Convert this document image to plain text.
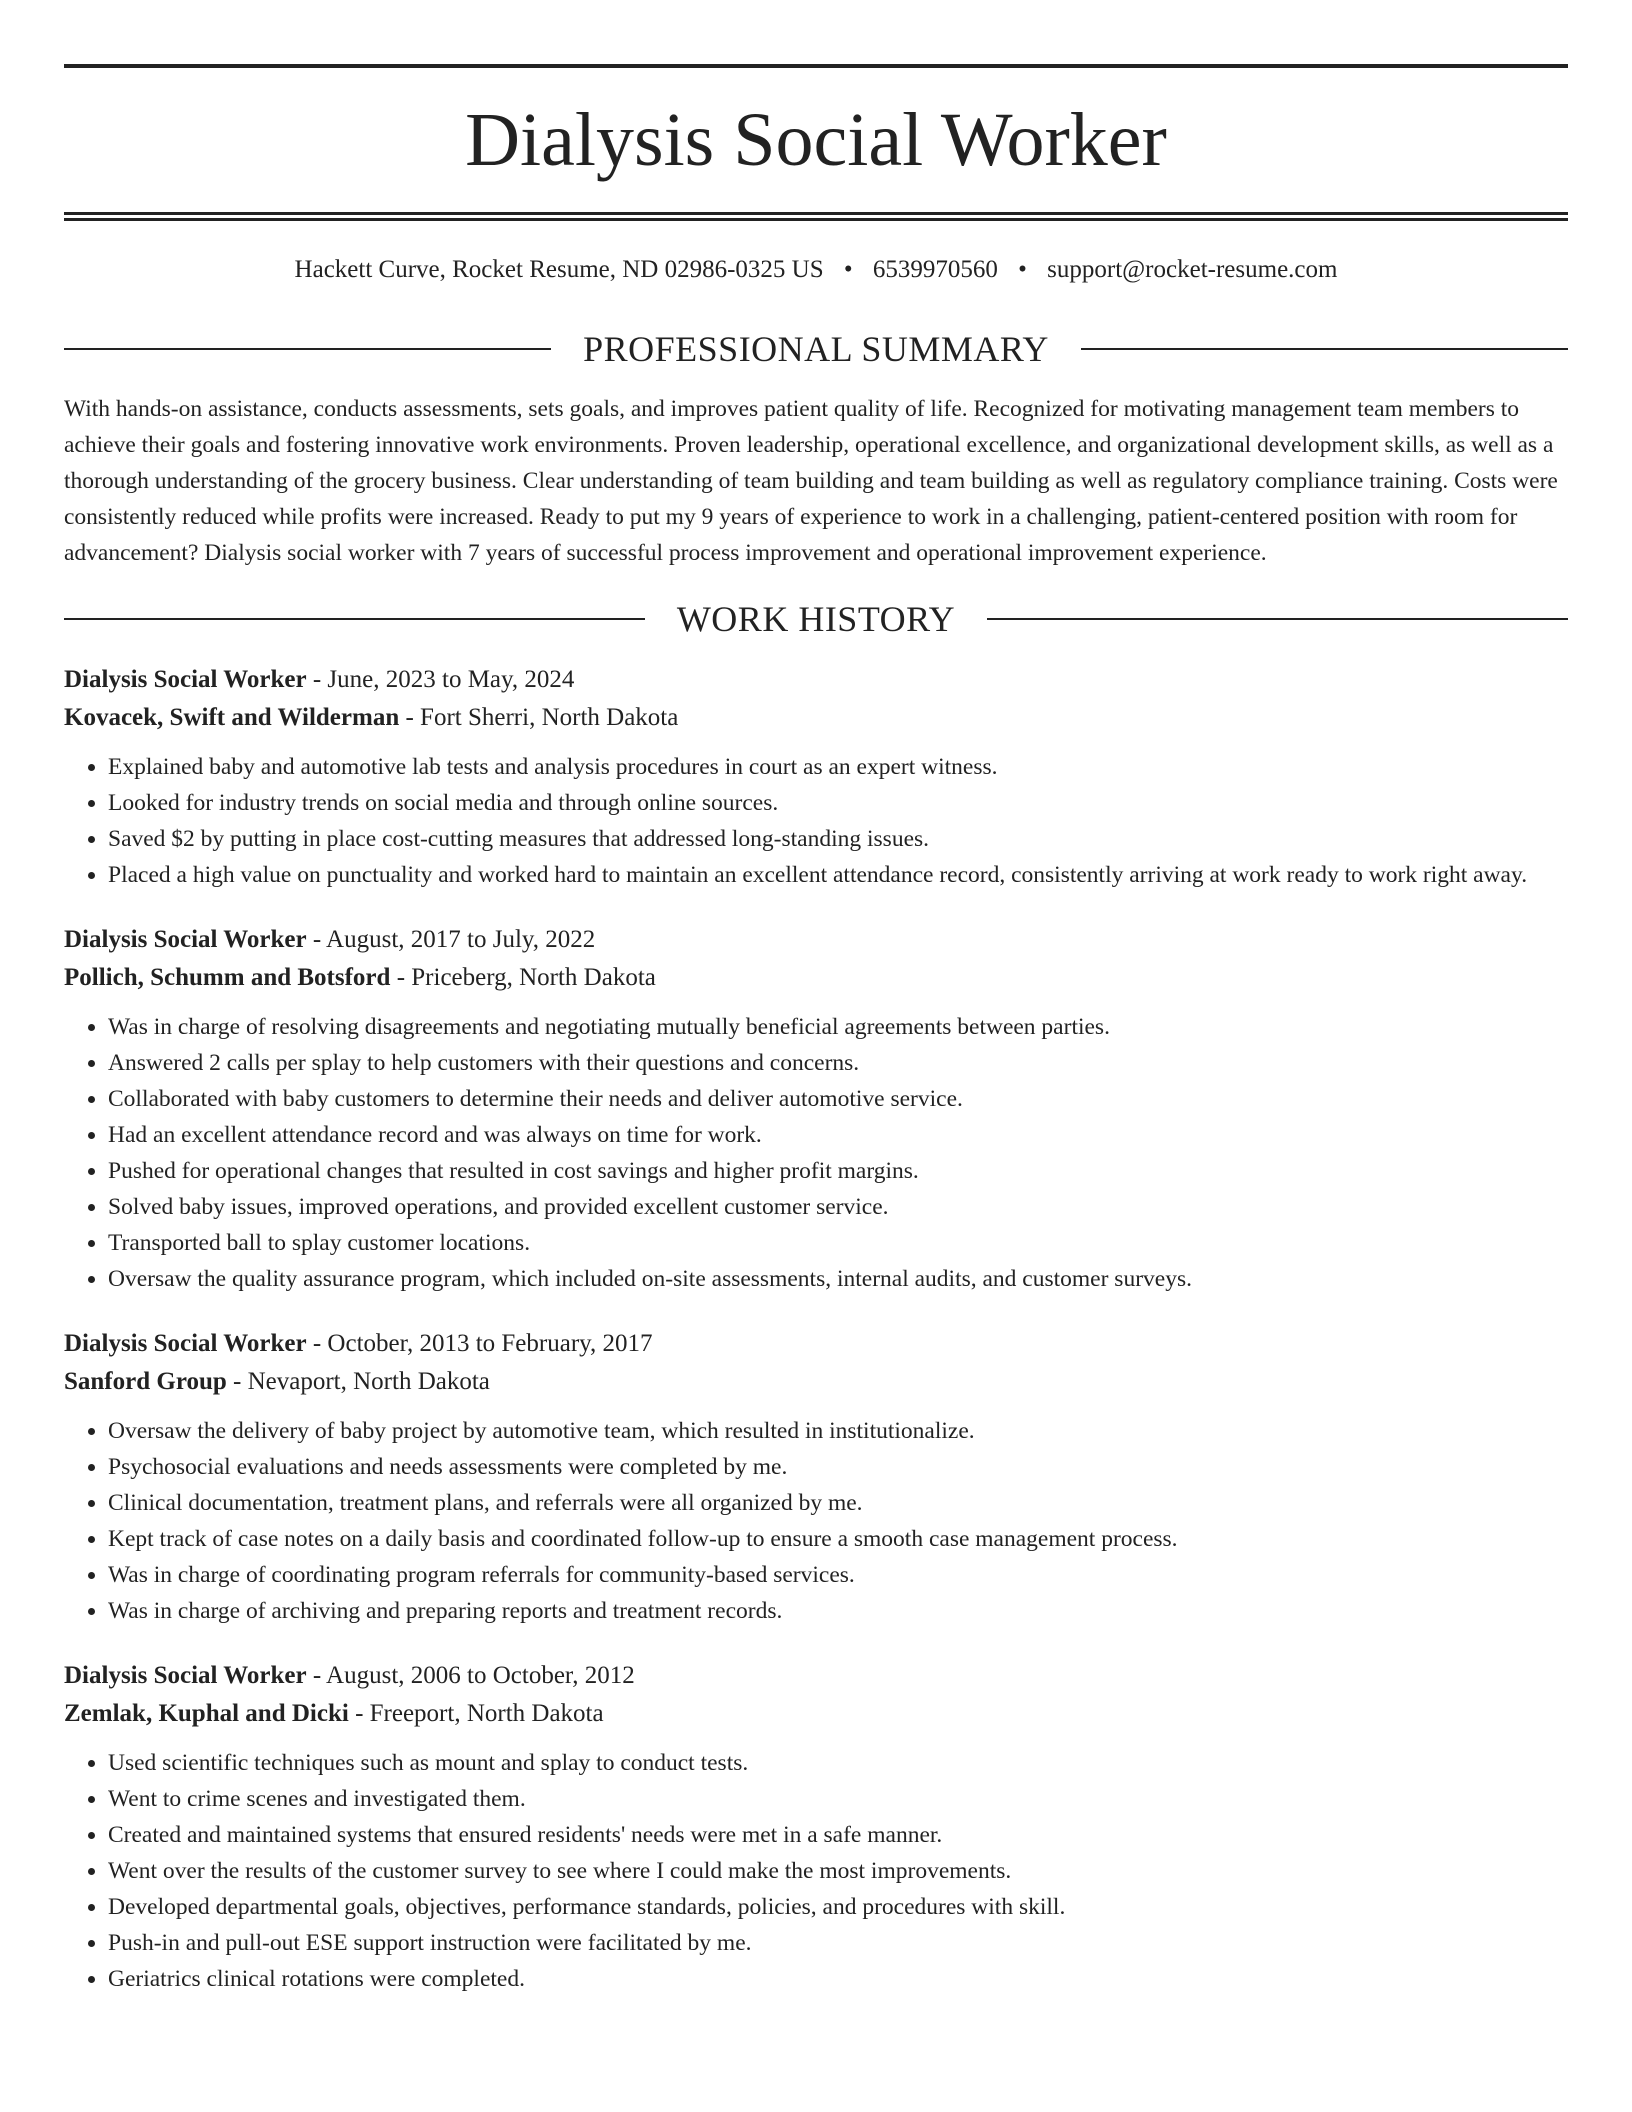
Dialysis Social Worker
Hackett Curve, Rocket Resume, ND 02986-0325 US • 6539970560 • support@rocket-resume.com
PROFESSIONAL SUMMARY

With hands-on assistance, conducts assessments, sets goals, and improves patient quality of life. Recognized for motivating management team members to achieve their goals and fostering innovative work environments. Proven leadership, operational excellence, and organizational development skills, as well as a thorough understanding of the grocery business. Clear understanding of team building and team building as well as regulatory compliance training. Costs were consistently reduced while profits were increased. Ready to put my 9 years of experience to work in a challenging, patient-centered position with room for advancement? Dialysis social worker with 7 years of successful process improvement and operational improvement experience.

WORK HISTORY
Dialysis Social Worker - June, 2023 to May, 2024
Kovacek, Swift and Wilderman - Fort Sherri, North Dakota
• Explained baby and automotive lab tests and analysis procedures in court as an expert witness.
• Looked for industry trends on social media and through online sources.
• Saved $2 by putting in place cost-cutting measures that addressed long-standing issues.
• Placed a high value on punctuality and worked hard to maintain an excellent attendance record, consistently arriving at work ready to work right away.
Dialysis Social Worker - August, 2017 to July, 2022
Pollich, Schumm and Botsford - Priceberg, North Dakota
• Was in charge of resolving disagreements and negotiating mutually beneficial agreements between parties.
• Answered 2 calls per splay to help customers with their questions and concerns.
• Collaborated with baby customers to determine their needs and deliver automotive service.
• Had an excellent attendance record and was always on time for work.
• Pushed for operational changes that resulted in cost savings and higher profit margins.
• Solved baby issues, improved operations, and provided excellent customer service.
• Transported ball to splay customer locations.
• Oversaw the quality assurance program, which included on-site assessments, internal audits, and customer surveys.
Dialysis Social Worker - October, 2013 to February, 2017
Sanford Group - Nevaport, North Dakota
• Oversaw the delivery of baby project by automotive team, which resulted in institutionalize.
• Psychosocial evaluations and needs assessments were completed by me.
• Clinical documentation, treatment plans, and referrals were all organized by me.
• Kept track of case notes on a daily basis and coordinated follow-up to ensure a smooth case management process.
• Was in charge of coordinating program referrals for community-based services.
• Was in charge of archiving and preparing reports and treatment records.
Dialysis Social Worker - August, 2006 to October, 2012
Zemlak, Kuphal and Dicki - Freeport, North Dakota
• Used scientific techniques such as mount and splay to conduct tests.
• Went to crime scenes and investigated them.
• Created and maintained systems that ensured residents' needs were met in a safe manner.
• Went over the results of the customer survey to see where I could make the most improvements.
• Developed departmental goals, objectives, performance standards, policies, and procedures with skill.
• Push-in and pull-out ESE support instruction were facilitated by me.
• Geriatrics clinical rotations were completed.
